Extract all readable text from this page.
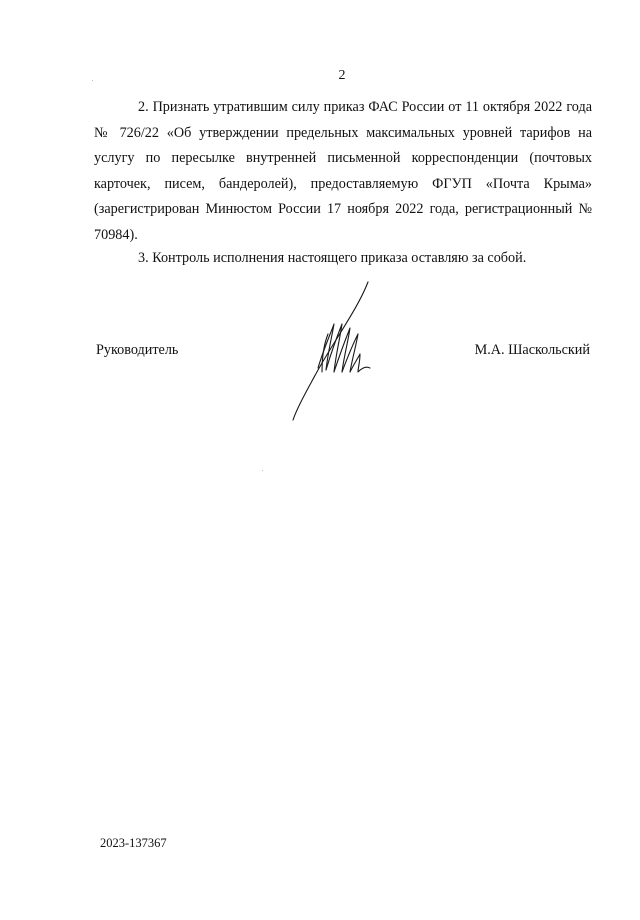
2

2. Признать утратившим силу приказ ФАС России от 11 октября 2022 года № 726/22 «Об утверждении предельных максимальных уровней тарифов на услугу по пересылке внутренней письменной корреспонденции (почтовых карточек, писем, бандеролей), предоставляемую ФГУП «Почта Крыма» (зарегистрирован Минюстом России 17 ноября 2022 года, регистрационный № 70984).

3. Контроль исполнения настоящего приказа оставляю за собой.

Руководитель	М.А. Шаскольский
2023-137367
